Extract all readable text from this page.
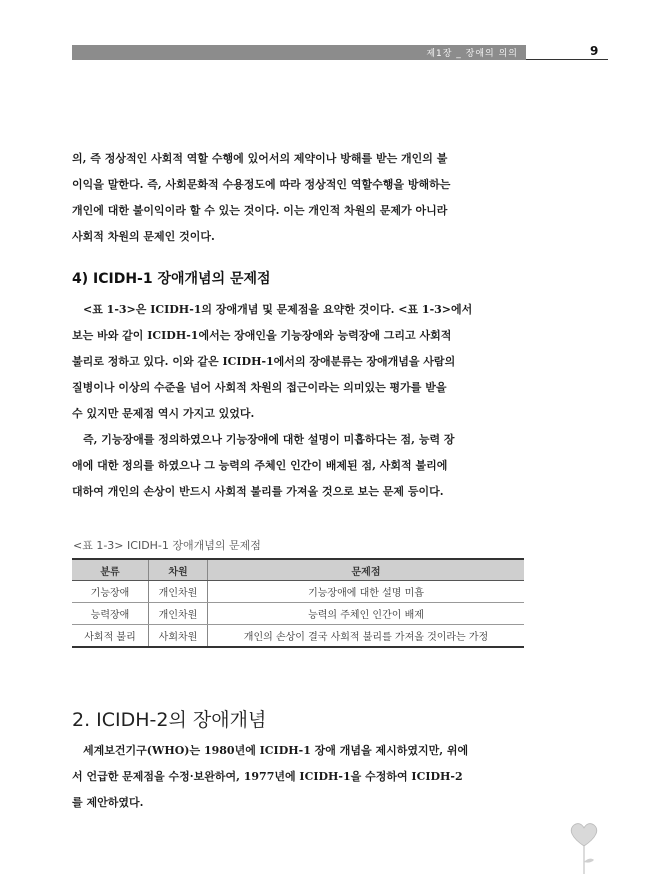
제1장 _ 장애의 의의	9
의, 즉 정상적인 사회적 역할 수행에 있어서의 제약이나 방해를 받는 개인의 불
이익을 말한다. 즉, 사회문화적 수용정도에 따라 정상적인 역할수행을 방해하는
개인에 대한 불이익이라 할 수 있는 것이다. 이는 개인적 차원의 문제가 아니라
사회적 차원의 문제인 것이다.
4) ICIDH-1 장애개념의 문제점
<표 1-3>은 ICIDH-1의 장애개념 및 문제점을 요약한 것이다. <표 1-3>에서
보는 바와 같이 ICIDH-1에서는 장애인을 기능장애와 능력장애 그리고 사회적
불리로 정하고 있다. 이와 같은 ICIDH-1에서의 장애분류는 장애개념을 사람의
질병이나 이상의 수준을 넘어 사회적 차원의 접근이라는 의미있는 평가를 받을
수 있지만 문제점 역시 가지고 있었다.
즉, 기능장애를 정의하였으나 기능장애에 대한 설명이 미흡하다는 점, 능력 장
애에 대한 정의를 하였으나 그 능력의 주체인 인간이 배제된 점, 사회적 불리에
대하여 개인의 손상이 반드시 사회적 불리를 가져올 것으로 보는 문제 등이다.
<표 1-3> ICIDH-1 장애개념의 문제점
분류	차원	문제점
기능장애	개인차원	기능장애에 대한 설명 미흡
능력장애	개인차원	능력의 주체인 인간이 배제
사회적 불리	사회차원	개인의 손상이 결국 사회적 불리를 가져올 것이라는 가정
2. ICIDH-2의 장애개념
세계보건기구(WHO)는 1980년에 ICIDH-1 장애 개념을 제시하였지만, 위에
서 언급한 문제점을 수정·보완하여, 1977년에 ICIDH-1을 수정하여 ICIDH-2
를 제안하였다.
